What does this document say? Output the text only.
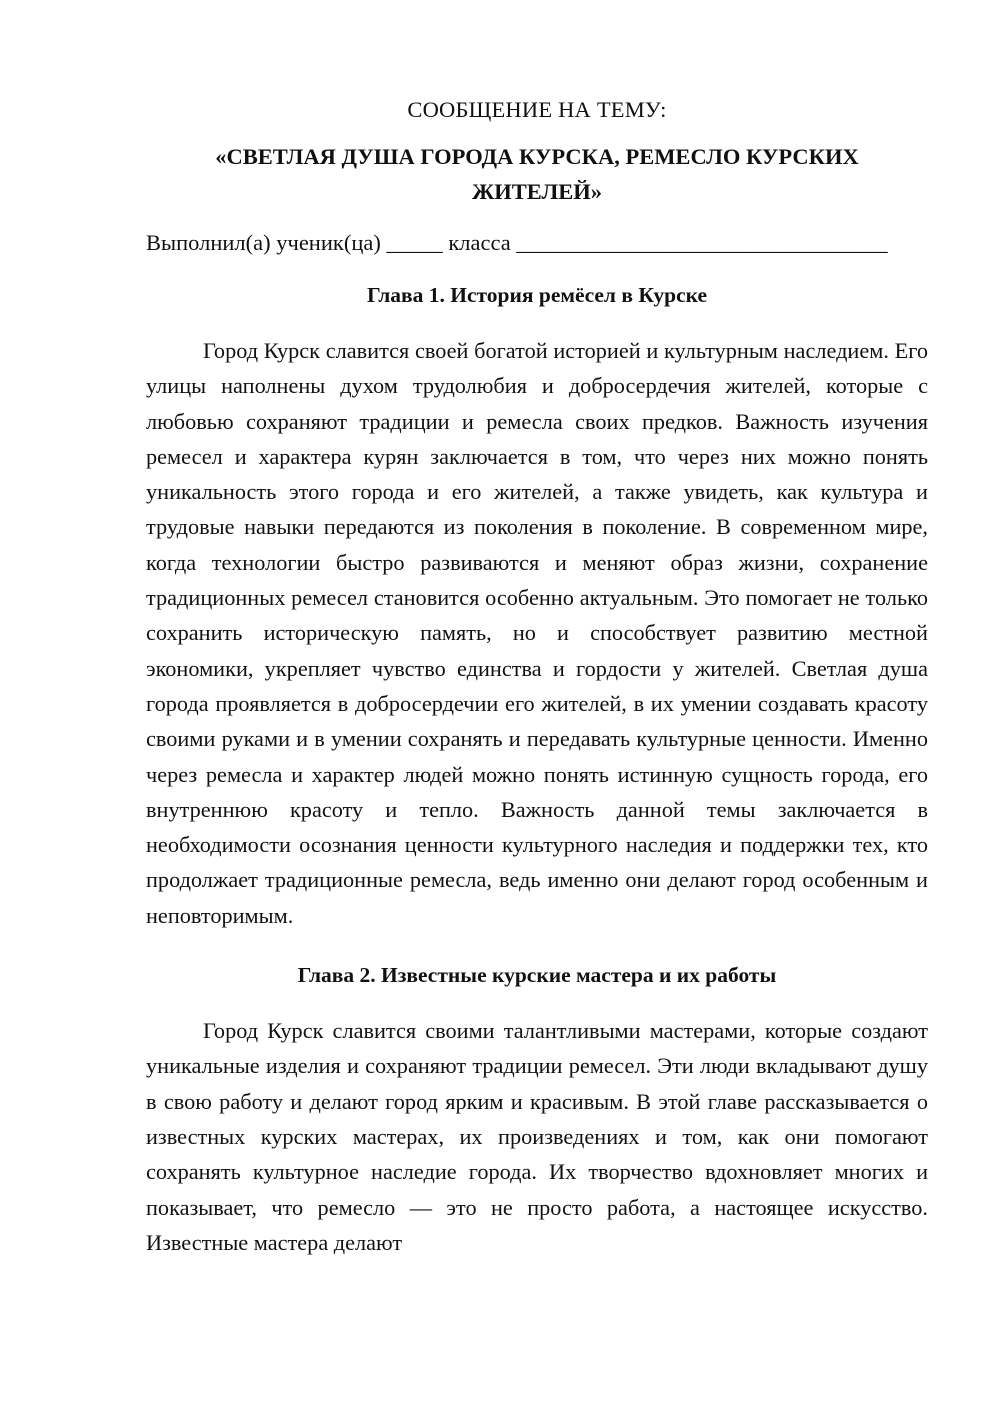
СООБЩЕНИЕ НА ТЕМУ:

«СВЕТЛАЯ ДУША ГОРОДА КУРСКА, РЕМЕСЛО КУРСКИХ ЖИТЕЛЕЙ»

Выполнил(а) ученик(ца) _____ класса _________________________________

Глава 1. История ремёсел в Курске

Город Курск славится своей богатой историей и культурным наследием. Его улицы наполнены духом трудолюбия и добросердечия жителей, которые с любовью сохраняют традиции и ремесла своих предков. Важность изучения ремесел и характера курян заключается в том, что через них можно понять уникальность этого города и его жителей, а также увидеть, как культура и трудовые навыки передаются из поколения в поколение. В современном мире, когда технологии быстро развиваются и меняют образ жизни, сохранение традиционных ремесел становится особенно актуальным. Это помогает не только сохранить историческую память, но и способствует развитию местной экономики, укрепляет чувство единства и гордости у жителей. Светлая душа города проявляется в добросердечии его жителей, в их умении создавать красоту своими руками и в умении сохранять и передавать культурные ценности. Именно через ремесла и характер людей можно понять истинную сущность города, его внутреннюю красоту и тепло. Важность данной темы заключается в необходимости осознания ценности культурного наследия и поддержки тех, кто продолжает традиционные ремесла, ведь именно они делают город особенным и неповторимым.

Глава 2. Известные курские мастера и их работы

Город Курск славится своими талантливыми мастерами, которые создают уникальные изделия и сохраняют традиции ремесел. Эти люди вкладывают душу в свою работу и делают город ярким и красивым. В этой главе рассказывается о известных курских мастерах, их произведениях и том, как они помогают сохранять культурное наследие города. Их творчество вдохновляет многих и показывает, что ремесло — это не просто работа, а настоящее искусство. Известные мастера делают
